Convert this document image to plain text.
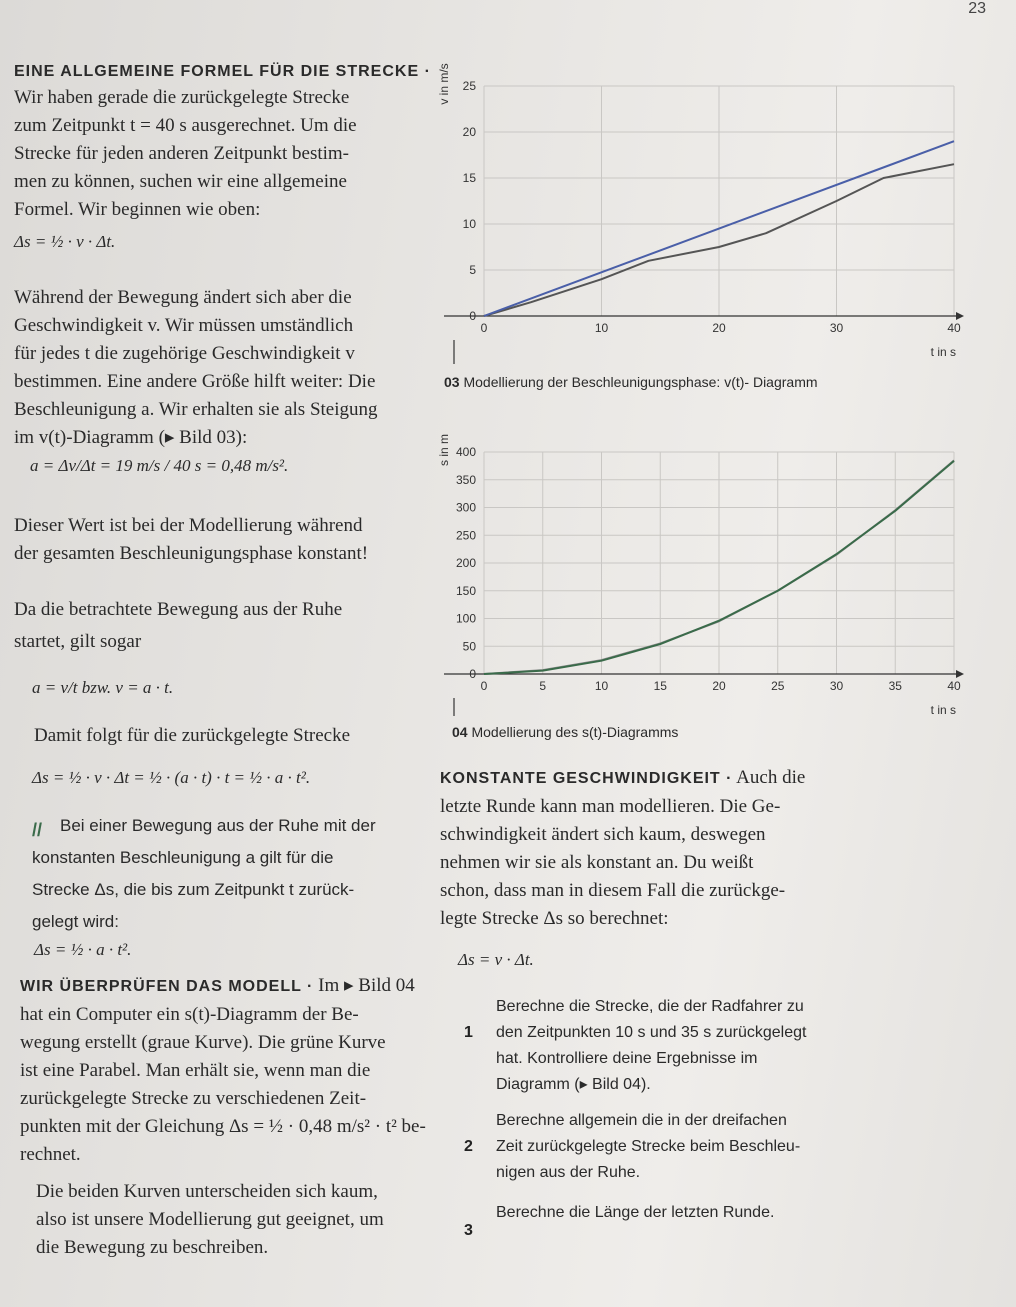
23
EINE ALLGEMEINE FORMEL FÜR DIE STRECKE ·
Wir haben gerade die zurückgelegte Strecke
zum Zeitpunkt t = 40 s ausgerechnet. Um die
Strecke für jeden anderen Zeitpunkt bestim-
men zu können, suchen wir eine allgemeine
Formel. Wir beginnen wie oben:
Δs = ½ · v · Δt.
Während der Bewegung ändert sich aber die
Geschwindigkeit v. Wir müssen umständlich
für jedes t die zugehörige Geschwindigkeit v
bestimmen. Eine andere Größe hilft weiter: Die
Beschleunigung a. Wir erhalten sie als Steigung
im v(t)-Diagramm (▸ Bild 03):
a = Δv/Δt = 19 m/s / 40 s = 0,48 m/s².
Dieser Wert ist bei der Modellierung während
der gesamten Beschleunigungsphase konstant!
Da die betrachtete Bewegung aus der Ruhe
startet, gilt sogar
a = v/t bzw. v = a · t.
Damit folgt für die zurückgelegte Strecke
Δs = ½ · v · Δt = ½ · (a · t) · t = ½ · a · t².
// Bei einer Bewegung aus der Ruhe mit der
konstanten Beschleunigung a gilt für die
Strecke Δs, die bis zum Zeitpunkt t zurück-
gelegt wird:
Δs = ½ · a · t².
WIR ÜBERPRÜFEN DAS MODELL · Im ▸ Bild 04
hat ein Computer ein s(t)-Diagramm der Be-
wegung erstellt (graue Kurve). Die grüne Kurve
ist eine Parabel. Man erhält sie, wenn man die
zurückgelegte Strecke zu verschiedenen Zeit-
punkten mit der Gleichung Δs = ½ · 0,48 m/s² · t² be-
rechnet.
Die beiden Kurven unterscheiden sich kaum,
also ist unsere Modellierung gut geeignet, um
die Bewegung zu beschreiben.
0
5
10
15
20
25
0	10	20	30	40
v in m/s
t in s
03 Modellierung der Beschleunigungsphase: v(t)- Diagramm
0
50
100
150
200
250
300
350
400
0	5	10	15	20	25	30	35	40
s in m
t in s
04 Modellierung des s(t)-Diagramms
KONSTANTE GESCHWINDIGKEIT · Auch die
letzte Runde kann man modellieren. Die Ge-
schwindigkeit ändert sich kaum, deswegen
nehmen wir sie als konstant an. Du weißt
schon, dass man in diesem Fall die zurückge-
legte Strecke Δs so berechnet:
Δs = v · Δt.
1
Berechne die Strecke, die der Radfahrer zu
den Zeitpunkten 10 s und 35 s zurückgelegt
hat. Kontrolliere deine Ergebnisse im
Diagramm (▸ Bild 04).
2
Berechne allgemein die in der dreifachen
Zeit zurückgelegte Strecke beim Beschleu-
nigen aus der Ruhe.
3
Berechne die Länge der letzten Runde.
